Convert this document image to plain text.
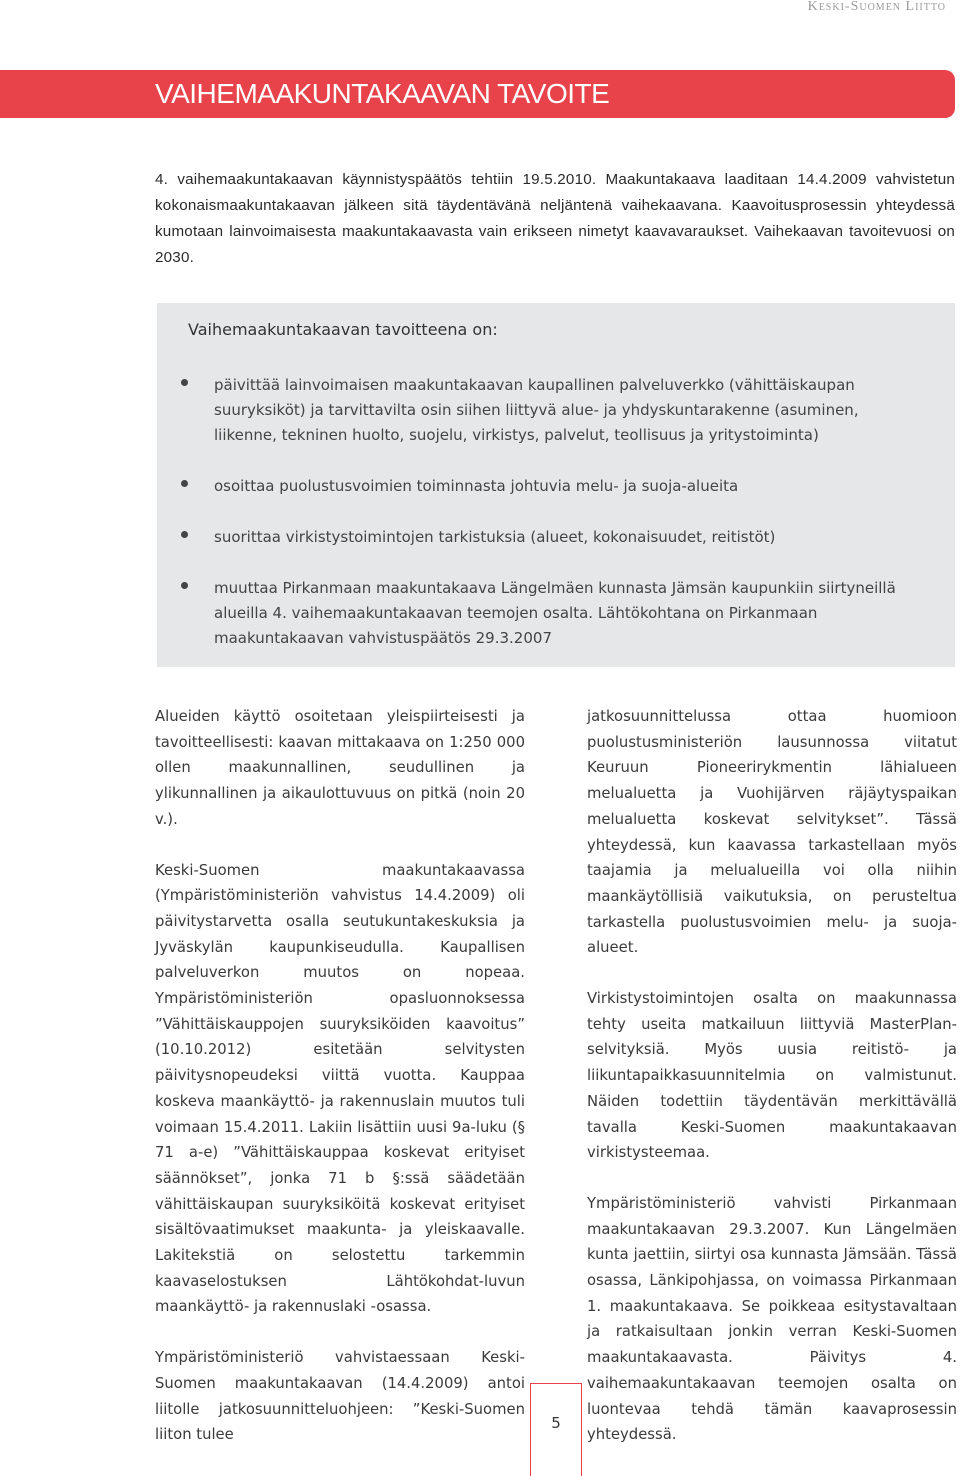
Keski-Suomen Liitto
VAIHEMAAKUNTAKAAVAN TAVOITE

4. vaihemaakuntakaavan käynnistyspäätös tehtiin 19.5.2010. Maakuntakaava laaditaan 14.4.2009 vahvistetun kokonaismaakuntakaavan jälkeen sitä täydentävänä neljäntenä vaihekaavana. Kaavoitusprosessin yhteydessä kumotaan lainvoimaisesta maakuntakaavasta vain erikseen nimetyt kaavavaraukset. Vaihekaavan tavoitevuosi on 2030.

Vaihemaakuntakaavan tavoitteena on:
päivittää lainvoimaisen maakuntakaavan kaupallinen palveluverkko (vähittäiskaupan suuryksiköt) ja tarvittavilta osin siihen liittyvä alue- ja yhdyskuntarakenne (asuminen, liikenne, tekninen huolto, suojelu, virkistys, palvelut, teollisuus ja yritystoiminta)
osoittaa puolustusvoimien toiminnasta johtuvia melu- ja suoja-alueita
suorittaa virkistystoimintojen tarkistuksia (alueet, kokonaisuudet, reitistöt)
muuttaa Pirkanmaan maakuntakaava Längelmäen kunnasta Jämsän kaupunkiin siirtyneillä alueilla 4. vaihemaakuntakaavan teemojen osalta. Lähtökohtana on Pirkanmaan maakuntakaavan vahvistuspäätös 29.3.2007

Alueiden käyttö osoitetaan yleispiirteisesti ja tavoitteellisesti: kaavan mittakaava on 1:250 000 ollen maakunnallinen, seudullinen ja ylikunnallinen ja aikaulottuvuus on pitkä (noin 20 v.).

Keski-Suomen maakuntakaavassa (Ympäristöministeriön vahvistus 14.4.2009) oli päivitystarvetta osalla seutukuntakeskuksia ja Jyväskylän kaupunkiseudulla. Kaupallisen palveluverkon muutos on nopeaa. Ympäristöministeriön opasluonnoksessa ”Vähittäiskauppojen suuryksiköiden kaavoitus” (10.10.2012) esitetään selvitysten päivitysnopeudeksi viittä vuotta. Kauppaa koskeva maankäyttö- ja rakennuslain muutos tuli voimaan 15.4.2011. Lakiin lisättiin uusi 9a-luku (§ 71 a-e) ”Vähittäiskauppaa koskevat erityiset säännökset”, jonka 71 b §:ssä säädetään vähittäiskaupan suuryksiköitä koskevat erityiset sisältövaatimukset maakunta- ja yleiskaavalle. Lakitekstiä on selostettu tarkemmin kaavaselostuksen Lähtökohdat-luvun maankäyttö- ja rakennuslaki -osassa.

Ympäristöministeriö vahvistaessaan Keski-Suomen maakuntakaavan (14.4.2009) antoi liitolle jatkosuunnitteluohjeen: ”Keski-Suomen liiton tulee

jatkosuunnittelussa ottaa huomioon puolustusministeriön lausunnossa viitatut Keuruun Pioneerirykmentin lähialueen melualuetta ja Vuohijärven räjäytyspaikan melualuetta koskevat selvitykset”. Tässä yhteydessä, kun kaavassa tarkastellaan myös taajamia ja melualueilla voi olla niihin maankäytöllisiä vaikutuksia, on perusteltua tarkastella puolustusvoimien melu- ja suoja-alueet.

Virkistystoimintojen osalta on maakunnassa tehty useita matkailuun liittyviä MasterPlan-selvityksiä. Myös uusia reitistö- ja liikuntapaikkasuunnitelmia on valmistunut. Näiden todettiin täydentävän merkittävällä tavalla Keski-Suomen maakuntakaavan virkistysteemaa.

Ympäristöministeriö vahvisti Pirkanmaan maakuntakaavan 29.3.2007. Kun Längelmäen kunta jaettiin, siirtyi osa kunnasta Jämsään. Tässä osassa, Länkipohjassa, on voimassa Pirkanmaan 1. maakuntakaava. Se poikkeaa esitystavaltaan ja ratkaisultaan jonkin verran Keski-Suomen maakuntakaavasta. Päivitys 4. vaihemaakuntakaavan teemojen osalta on luontevaa tehdä tämän kaavaprosessin yhteydessä.

5
